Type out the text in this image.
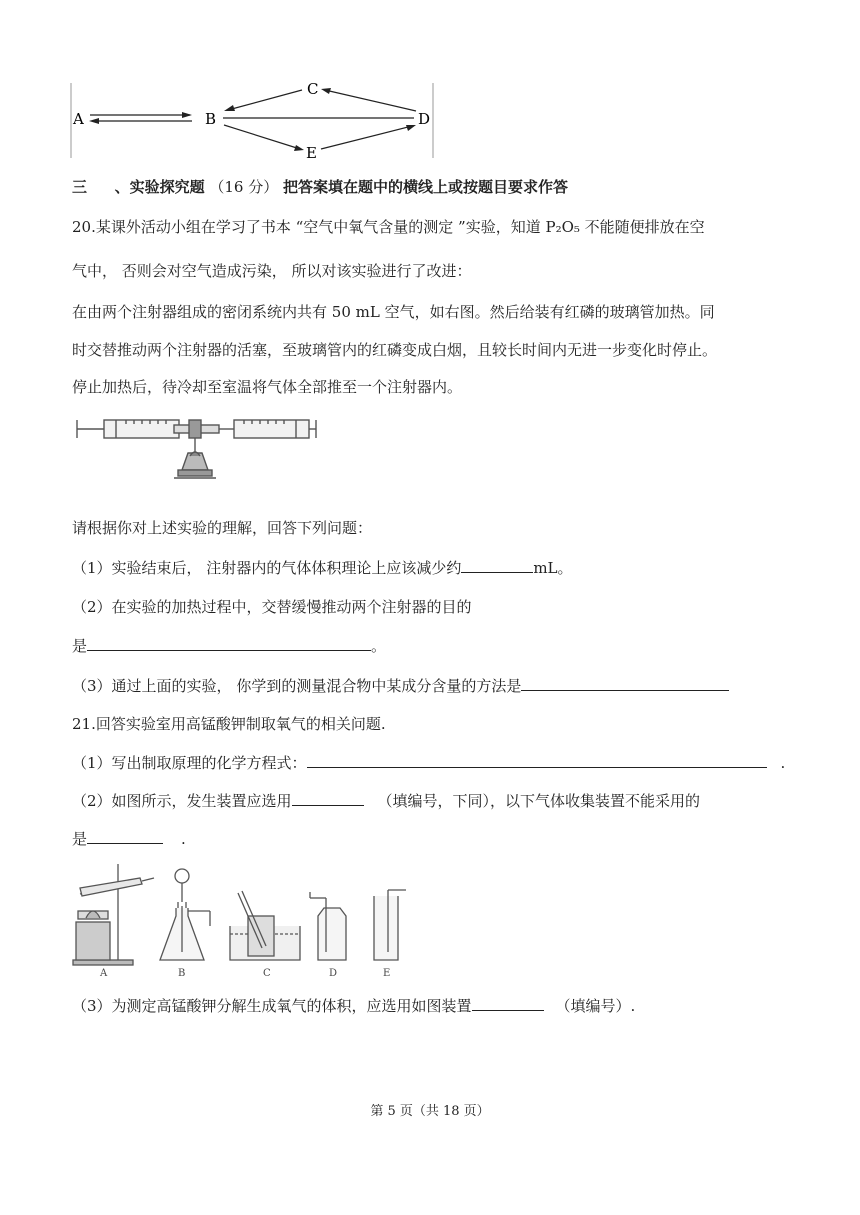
A	B
C
D
E
三 、实验探究题 （16 分） 把答案填在题中的横线上或按题目要求作答
20.某课外活动小组在学习了书本 “空气中氧气含量的测定 ”实验，知道 P₂O₅ 不能随便排放在空
气中， 否则会对空气造成污染， 所以对该实验进行了改进：
在由两个注射器组成的密闭系统内共有 50 mL 空气，如右图。然后给装有红磷的玻璃管加热。同
时交替推动两个注射器的活塞，至玻璃管内的红磷变成白烟，且较长时间内无进一步变化时停止。
停止加热后，待冷却至室温将气体全部推至一个注射器内。
请根据你对上述实验的理解，回答下列问题：
（1）实验结束后， 注射器内的气体体积理论上应该减少约	mL。
（2）在实验的加热过程中，交替缓慢推动两个注射器的目的
是	。
（3）通过上面的实验， 你学到的测量混合物中某成分含量的方法是
21.回答实验室用高锰酸钾制取氧气的相关问题.
（1）写出制取原理的化学方程式：	.
（2）如图所示，发生装置应选用	（填编号，下同），以下气体收集装置不能采用的
是	.
A	B	C	D	E
（3）为测定高锰酸钾分解生成氧气的体积，应选用如图装置	（填编号）.
第 5 页（共 18 页）
